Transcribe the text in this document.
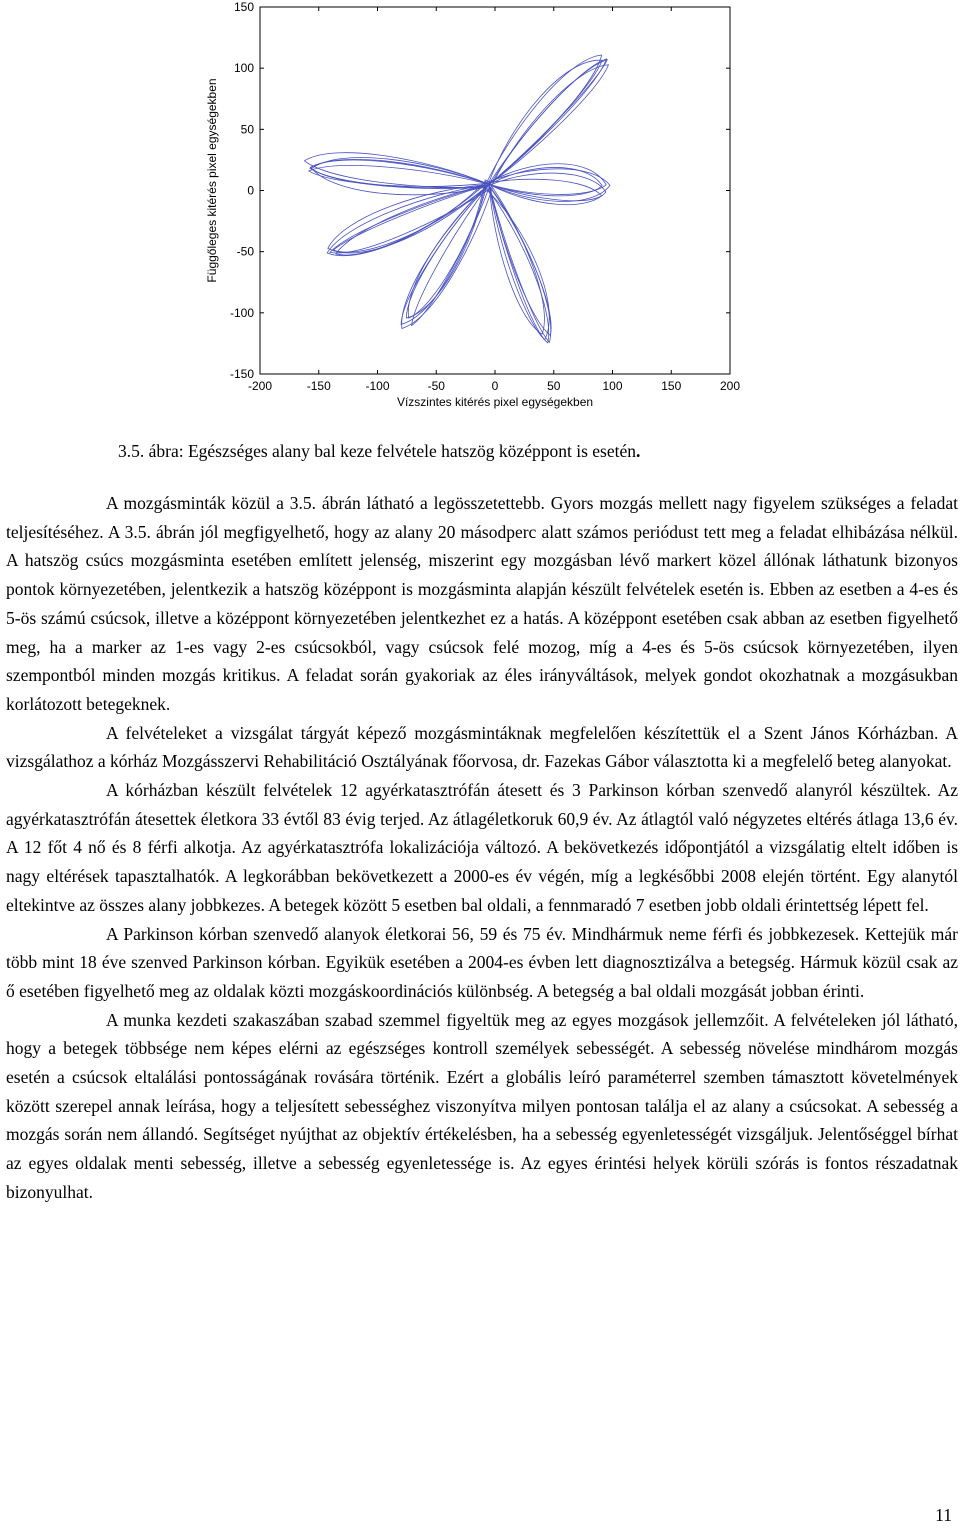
-200	-150	-100	-50	0	50	100	150	200
150
100
50
0
-50
-100
-150
Vízszintes kitérés pixel egységekben
Függőleges kitérés pixel egységekben
3.5. ábra: Egészséges alany bal keze felvétele hatszög középpont is esetén.

A mozgásminták közül a 3.5. ábrán látható a legösszetettebb. Gyors mozgás mellett nagy figyelem szükséges a feladat teljesítéséhez. A 3.5. ábrán jól megfigyelhető, hogy az alany 20 másodperc alatt számos periódust tett meg a feladat elhibázása nélkül. A hatszög csúcs mozgásminta esetében említett jelenség, miszerint egy mozgásban lévő markert közel állónak láthatunk bizonyos pontok környezetében, jelentkezik a hatszög középpont is mozgásminta alapján készült felvételek esetén is. Ebben az esetben a 4-es és 5-ös számú csúcsok, illetve a középpont környezetében jelentkezhet ez a hatás. A középpont esetében csak abban az esetben figyelhető meg, ha a marker az 1-es vagy 2-es csúcsokból, vagy csúcsok felé mozog, míg a 4-es és 5-ös csúcsok környezetében, ilyen szempontból minden mozgás kritikus. A feladat során gyakoriak az éles irányváltások, melyek gondot okozhatnak a mozgásukban korlátozott betegeknek.

A felvételeket a vizsgálat tárgyát képező mozgásmintáknak megfelelően készítettük el a Szent János Kórházban. A vizsgálathoz a kórház Mozgásszervi Rehabilitáció Osztályának főorvosa, dr. Fazekas Gábor választotta ki a megfelelő beteg alanyokat.

A kórházban készült felvételek 12 agyérkatasztrófán átesett és 3 Parkinson kórban szenvedő alanyról készültek. Az agyérkatasztrófán átesettek életkora 33 évtől 83 évig terjed. Az átlagéletkoruk 60,9 év. Az átlagtól való négyzetes eltérés átlaga 13,6 év. A 12 főt 4 nő és 8 férfi alkotja. Az agyérkatasztrófa lokalizációja változó. A bekövetkezés időpontjától a vizsgálatig eltelt időben is nagy eltérések tapasztalhatók. A legkorábban bekövetkezett a 2000-es év végén, míg a legkésőbbi 2008 elején történt. Egy alanytól eltekintve az összes alany jobbkezes. A betegek között 5 esetben bal oldali, a fennmaradó 7 esetben jobb oldali érintettség lépett fel.

A Parkinson kórban szenvedő alanyok életkorai 56, 59 és 75 év. Mindhármuk neme férfi és jobbkezesek. Kettejük már több mint 18 éve szenved Parkinson kórban. Egyikük esetében a 2004-es évben lett diagnosztizálva a betegség. Hármuk közül csak az ő esetében figyelhető meg az oldalak közti mozgáskoordinációs különbség. A betegség a bal oldali mozgását jobban érinti.

A munka kezdeti szakaszában szabad szemmel figyeltük meg az egyes mozgások jellemzőit. A felvételeken jól látható, hogy a betegek többsége nem képes elérni az egészséges kontroll személyek sebességét. A sebesség növelése mindhárom mozgás esetén a csúcsok eltalálási pontosságának rovására történik. Ezért a globális leíró paraméterrel szemben támasztott követelmények között szerepel annak leírása, hogy a teljesített sebességhez viszonyítva milyen pontosan találja el az alany a csúcsokat. A sebesség a mozgás során nem állandó. Segítséget nyújthat az objektív értékelésben, ha a sebesség egyenletességét vizsgáljuk. Jelentőséggel bírhat az egyes oldalak menti sebesség, illetve a sebesség egyenletessége is. Az egyes érintési helyek körüli szórás is fontos részadatnak bizonyulhat.

11
